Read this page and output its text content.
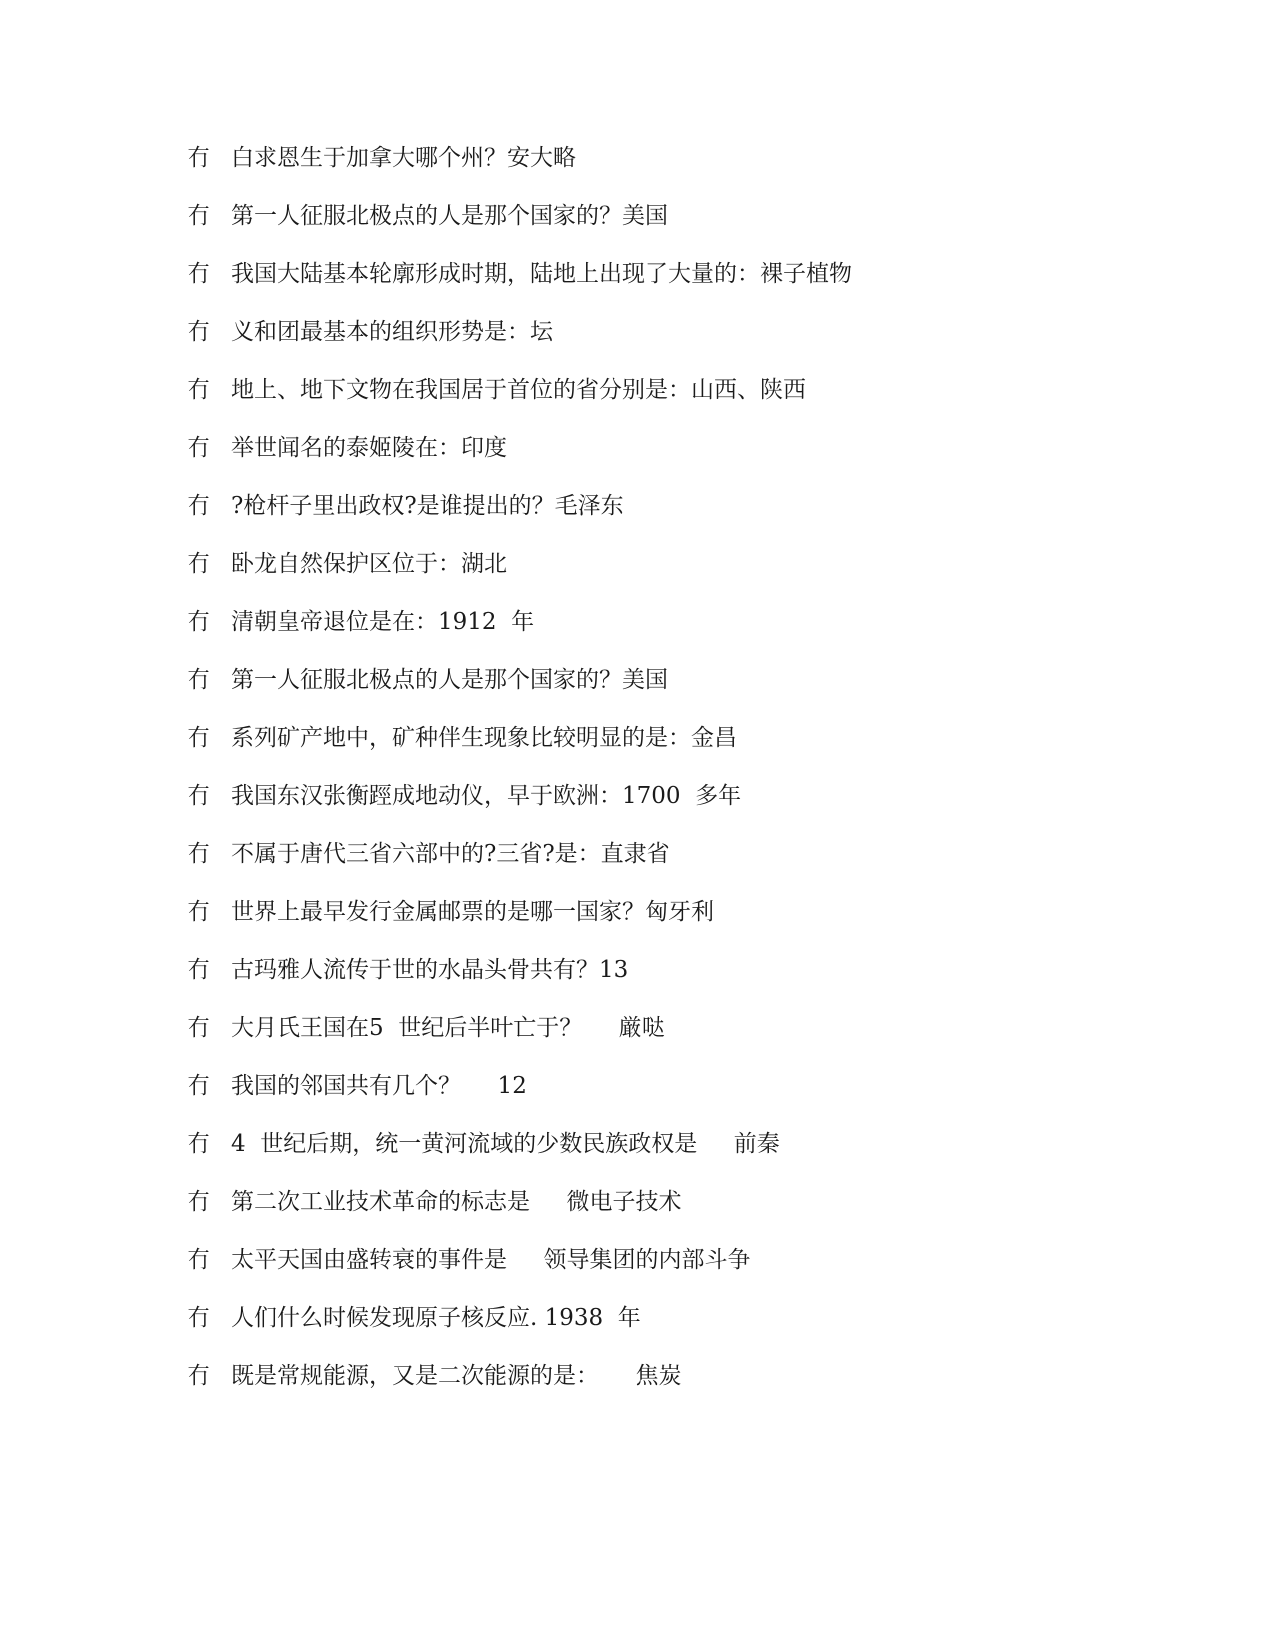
冇 白求恩生于加拿大哪个州？安大略
冇 第一人征服北极点的人是那个国家的？美国
冇 我国大陆基本轮廓形成时期，陆地上出现了大量的：裸子植物
冇 义和团最基本的组织形势是：坛
冇 地上、地下文物在我国居于首位的省分别是：山西、陕西
冇 举世闻名的泰姬陵在：印度
冇 ?枪杆子里出政权?是谁提出的？毛泽东
冇 卧龙自然保护区位于：湖北
冇 清朝皇帝退位是在：1912  年
冇 第一人征服北极点的人是那个国家的？美国
冇 系列矿产地中，矿种伴生现象比较明显的是：金昌
冇 我国东汉张衡踁成地动仪，早于欧洲：1700  多年
冇 不属于唐代三省六部中的?三省?是：直隶省
冇 世界上最早发行金属邮票的是哪一国家？匈牙利
冇 古玛雅人流传于世的水晶头骨共有？13
冇 大月氏王国在5  世纪后半叶亡于？     厳哒
冇 我国的邻国共有几个？     12
冇 4  世纪后期，统一黄河流域的少数民族政权是     前秦
冇 第二次工业技术革命的标志是     微电子技术
冇 太平天国由盛转衰的事件是     领导集团的内部斗争
冇 人们什么时候发现原子核反应. 1938  年
冇 既是常规能源，又是二次能源的是：     焦炭
